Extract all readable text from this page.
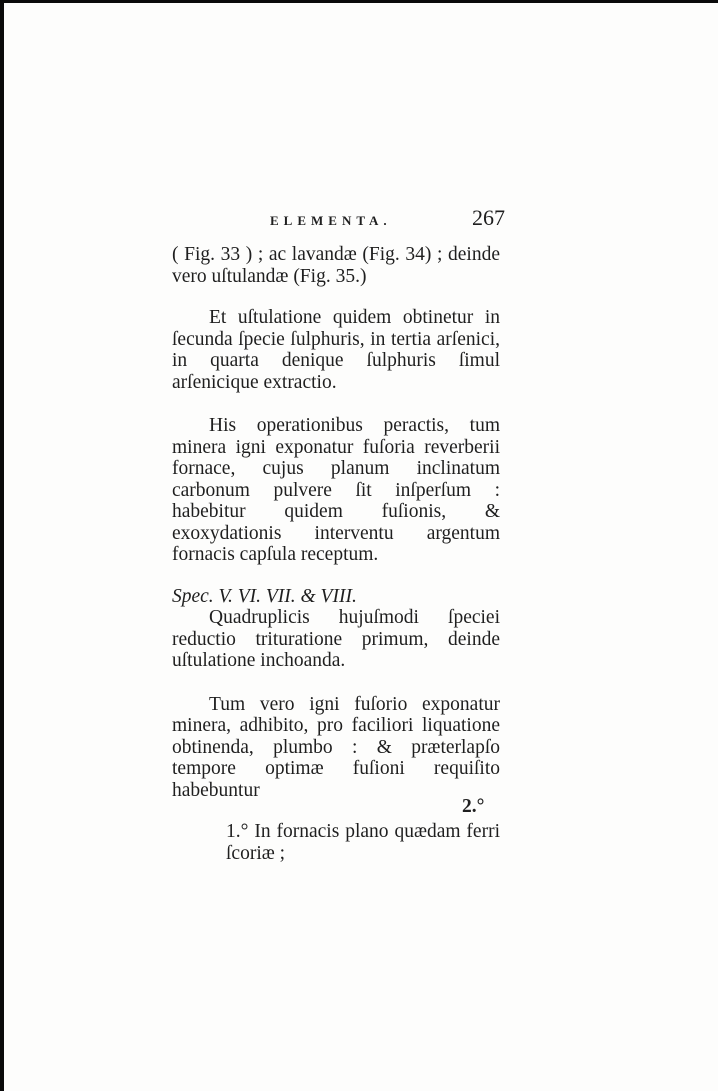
ELEMENTA.	267

( Fig. 33 ) ; ac lavandæ (Fig. 34) ; deinde vero uſtulandæ (Fig. 35.)

Et uſtulatione quidem obtinetur in ſecunda ſpecie ſulphuris, in tertia arſenici, in quarta denique ſulphuris ſimul arſenicique extractio.

His operationibus peractis, tum minera igni exponatur fuſoria reverberii fornace, cujus planum inclinatum carbonum pulvere ſit inſperſum : habebitur quidem fuſionis, & exoxydationis interventu argentum fornacis capſula receptum.

Spec. V. VI. VII. & VIII.

Quadruplicis hujuſmodi ſpeciei reductio trituratione primum, deinde uſtulatione inchoanda.

Tum vero igni fuſorio exponatur minera, adhibito, pro faciliori liquatione obtinenda, plumbo : & præterlapſo tempore optimæ fuſioni requiſito habebuntur

1.° In fornacis plano quædam ferri ſcoriæ ;

2.°
